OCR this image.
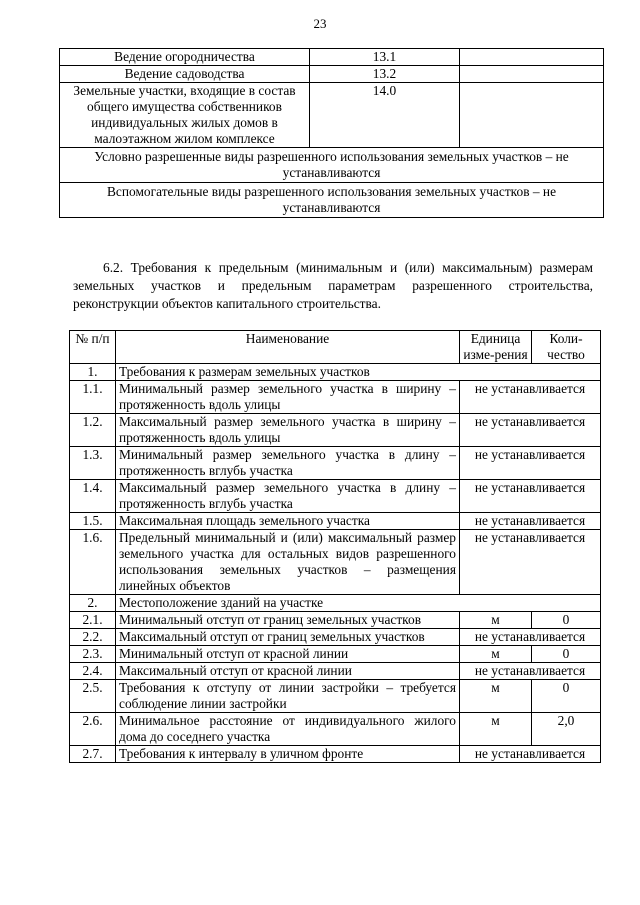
23
Ведение огородничества	13.1	
Ведение садоводства	13.2	
Земельные участки, входящие в состав общего имущества собственников индивидуальных жилых домов в малоэтажном жилом комплексе	14.0	
Условно разрешенные виды разрешенного использования земельных участков – не устанавливаются		
Вспомогательные виды разрешенного использования земельных участков – не устанавливаются		
6.2. Требования к предельным (минимальным и (или) максимальным) размерам земельных участков и предельным параметрам разрешенного строительства, реконструкции объектов капитального строительства.
№ п/п	Наименование	Единица изме-рения	Коли-чество
1.	Требования к размерам земельных участков		
1.1.	Минимальный размер земельного участка в ширину – протяженность вдоль улицы	не устанавливается	
1.2.	Максимальный размер земельного участка в ширину – протяженность вдоль улицы	не устанавливается	
1.3.	Минимальный размер земельного участка в длину – протяженность вглубь участка	не устанавливается	
1.4.	Максимальный размер земельного участка в длину – протяженность вглубь участка	не устанавливается	
1.5.	Максимальная площадь земельного участка	не устанавливается	
1.6.	Предельный минимальный и (или) максимальный размер земельного участка для остальных видов разрешенного использования земельных участков – размещения линейных объектов	не устанавливается	
2.	Местоположение зданий на участке		
2.1.	Минимальный отступ от границ земельных участков	м	0
2.2.	Максимальный отступ от границ земельных участков	не устанавливается	
2.3.	Минимальный отступ от красной линии	м	0
2.4.	Максимальный отступ от красной линии	не устанавливается	
2.5.	Требования к отступу от линии застройки – требуется соблюдение линии застройки	м	0
2.6.	Минимальное расстояние от индивидуального жилого дома до соседнего участка	м	2,0
2.7.	Требования к интервалу в уличном фронте	не устанавливается	
